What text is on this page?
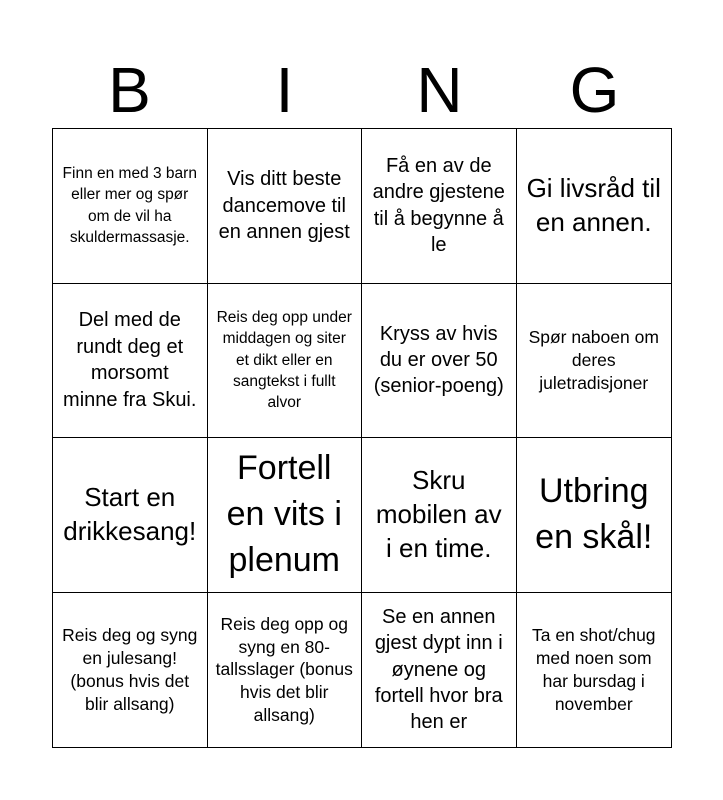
B	I	N	G
Finn en med 3 barn eller mer og spør om de vil ha skuldermassasje.
Vis ditt beste dancemove til en annen gjest
Få en av de andre gjestene til å begynne å le
Gi livsråd til en annen.
Del med de rundt deg et morsomt minne fra Skui.
Reis deg opp under middagen og siter et dikt eller en sangtekst i fullt alvor
Kryss av hvis du er over 50 (senior-poeng)
Spør naboen om deres juletradisjoner
Start en drikkesang!
Fortell en vits i plenum
Skru mobilen av i en time.
Utbring en skål!
Reis deg og syng en julesang! (bonus hvis det blir allsang)
Reis deg opp og syng en 80-tallsslager (bonus hvis det blir allsang)
Se en annen gjest dypt inn i øynene og fortell hvor bra hen er
Ta en shot/chug med noen som har bursdag i november
